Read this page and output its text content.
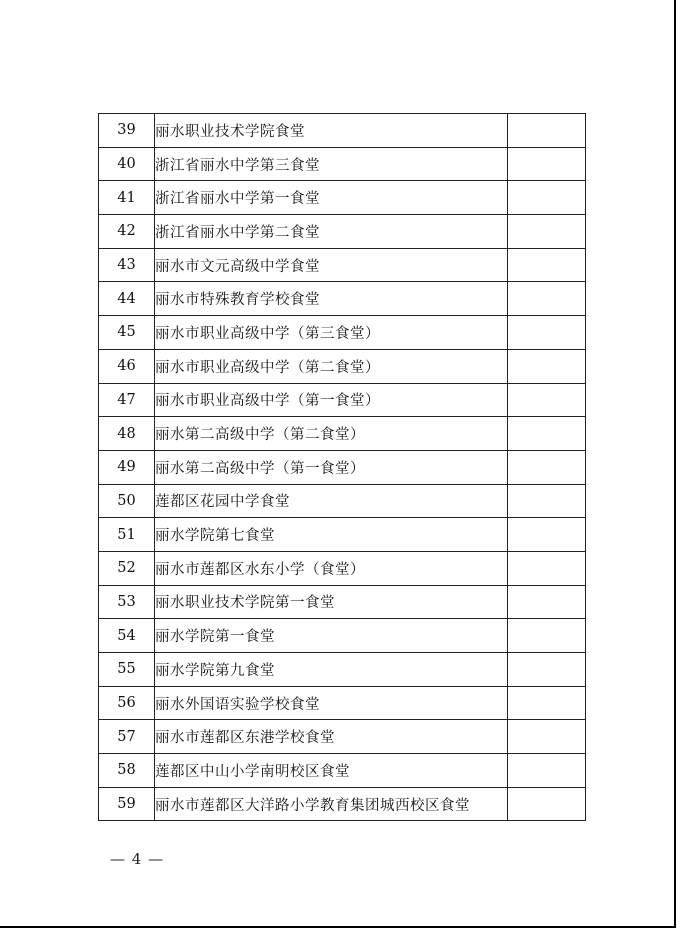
39	丽水职业技术学院食堂	
40	浙江省丽水中学第三食堂	
41	浙江省丽水中学第一食堂	
42	浙江省丽水中学第二食堂	
43	丽水市文元高级中学食堂	
44	丽水市特殊教育学校食堂	
45	丽水市职业高级中学（第三食堂）	
46	丽水市职业高级中学（第二食堂）	
47	丽水市职业高级中学（第一食堂）	
48	丽水第二高级中学（第二食堂）	
49	丽水第二高级中学（第一食堂）	
50	莲都区花园中学食堂	
51	丽水学院第七食堂	
52	丽水市莲都区水东小学（食堂）	
53	丽水职业技术学院第一食堂	
54	丽水学院第一食堂	
55	丽水学院第九食堂	
56	丽水外国语实验学校食堂	
57	丽水市莲都区东港学校食堂	
58	莲都区中山小学南明校区食堂	
59	丽水市莲都区大洋路小学教育集团城西校区食堂	
— 4 —
